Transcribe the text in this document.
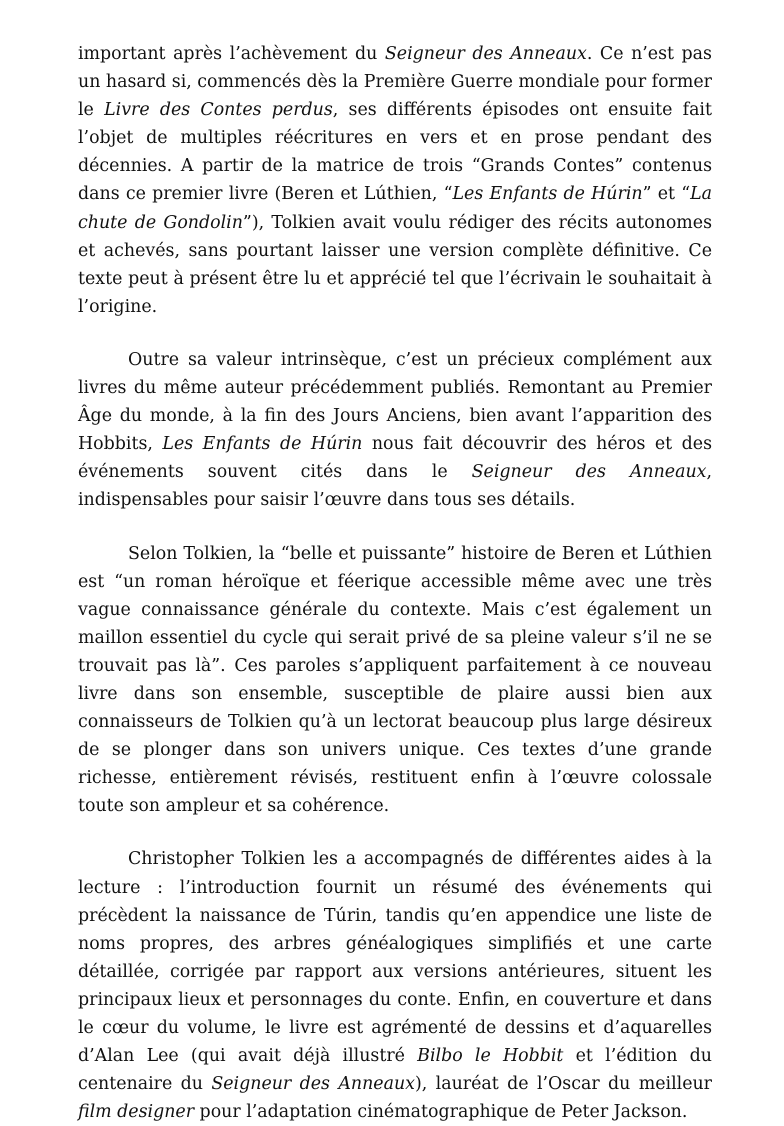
important après l’achèvement du Seigneur des Anneaux. Ce n’est pas un hasard si, commencés dès la Première Guerre mondiale pour former le Livre des Contes perdus, ses différents épisodes ont ensuite fait l’objet de multiples réécritures en vers et en prose pendant des décennies. A partir de la matrice de trois “Grands Contes” contenus dans ce premier livre (Beren et Lúthien, “Les Enfants de Húrin” et “La chute de Gondolin”), Tolkien avait voulu rédiger des récits autonomes et achevés, sans pourtant laisser une version complète définitive. Ce texte peut à présent être lu et apprécié tel que l’écrivain le souhaitait à l’origine.

Outre sa valeur intrinsèque, c’est un précieux complément aux livres du même auteur précédemment publiés. Remontant au Premier Âge du monde, à la fin des Jours Anciens, bien avant l’apparition des Hobbits, Les Enfants de Húrin nous fait découvrir des héros et des événements souvent cités dans le Seigneur des Anneaux, indispensables pour saisir l’œuvre dans tous ses détails.

Selon Tolkien, la “belle et puissante” histoire de Beren et Lúthien est “un roman héroïque et féerique accessible même avec une très vague connaissance générale du contexte. Mais c’est également un maillon essentiel du cycle qui serait privé de sa pleine valeur s’il ne se trouvait pas là”. Ces paroles s’appliquent parfaitement à ce nouveau livre dans son ensemble, susceptible de plaire aussi bien aux connaisseurs de Tolkien qu’à un lectorat beaucoup plus large désireux de se plonger dans son univers unique. Ces textes d’une grande richesse, entièrement révisés, restituent enfin à l’œuvre colossale toute son ampleur et sa cohérence.

Christopher Tolkien les a accompagnés de différentes aides à la lecture : l’introduction fournit un résumé des événements qui précèdent la naissance de Túrin, tandis qu’en appendice une liste de noms propres, des arbres généalogiques simplifiés et une carte détaillée, corrigée par rapport aux versions antérieures, situent les principaux lieux et personnages du conte. Enfin, en couverture et dans le cœur du volume, le livre est agrémenté de dessins et d’aquarelles d’Alan Lee (qui avait déjà illustré Bilbo le Hobbit et l’édition du centenaire du Seigneur des Anneaux), lauréat de l’Oscar du meilleur film designer pour l’adaptation cinématographique de Peter Jackson.
